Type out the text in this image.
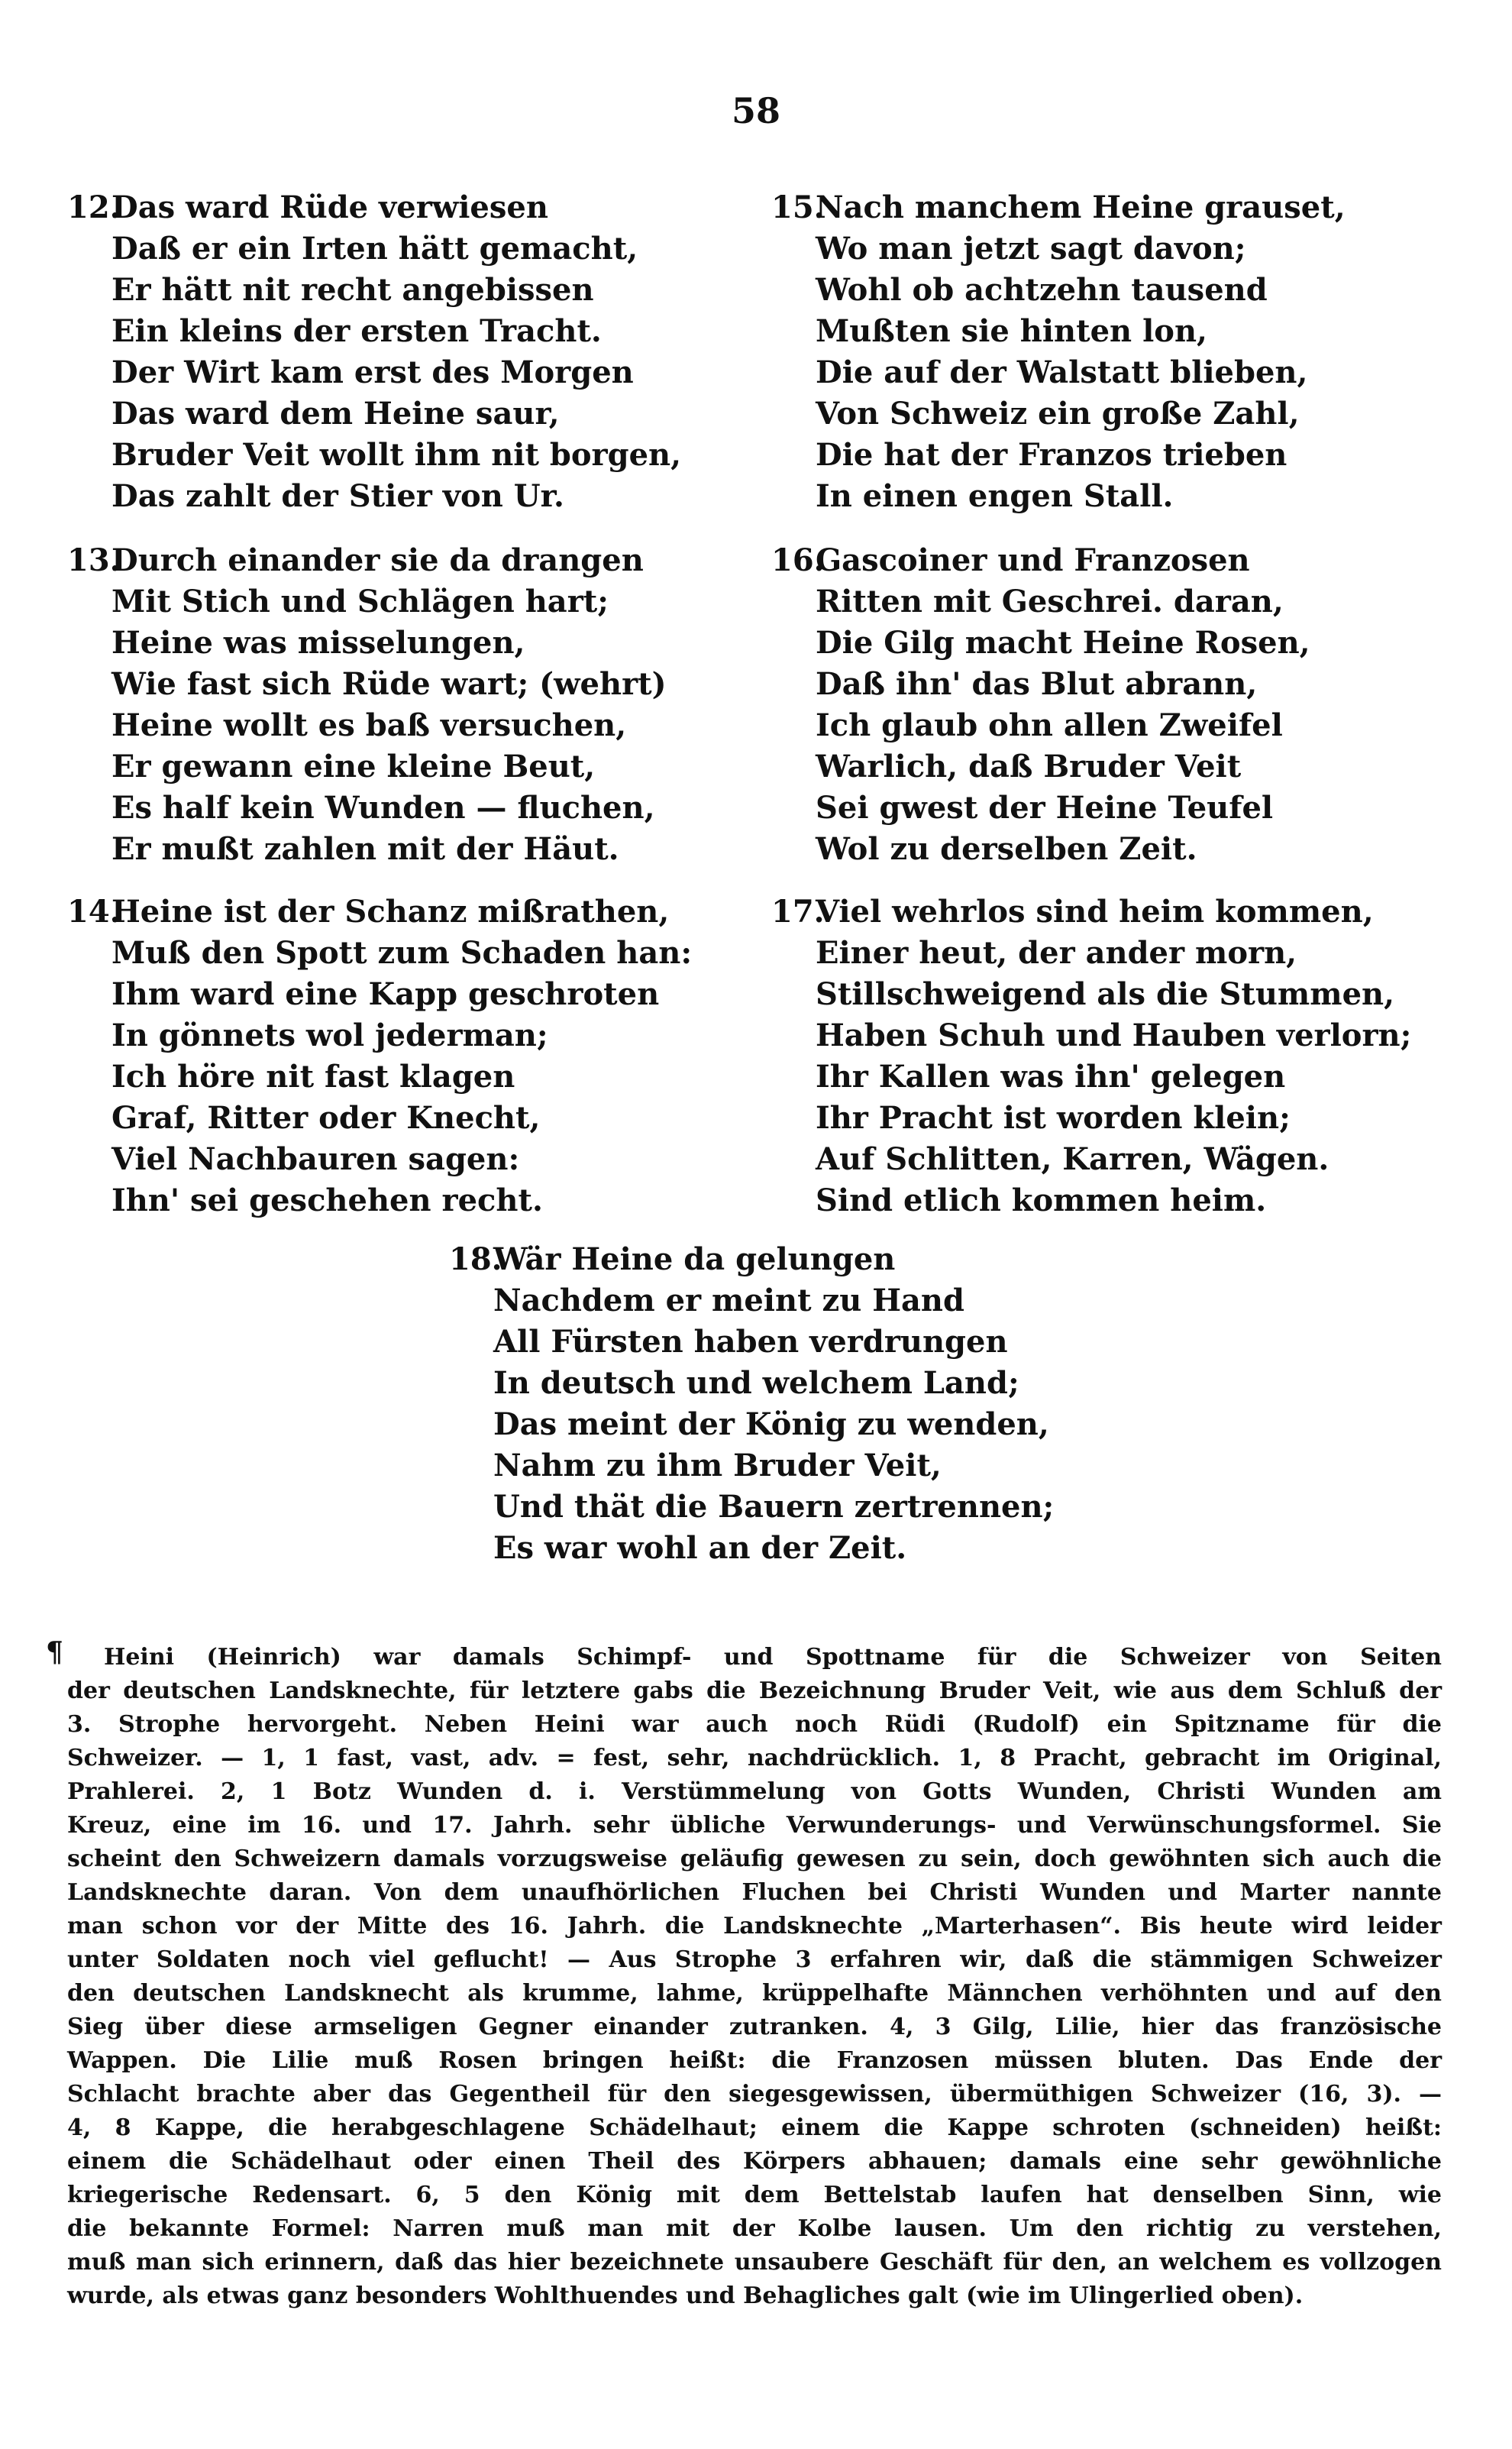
58
12.Das ward Rüde verwiesen
Daß er ein Irten hätt gemacht,
Er hätt nit recht angebissen
Ein kleins der ersten Tracht.
Der Wirt kam erst des Morgen
Das ward dem Heine saur,
Bruder Veit wollt ihm nit borgen,
Das zahlt der Stier von Ur.
13.Durch einander sie da drangen
Mit Stich und Schlägen hart;
Heine was misselungen,
Wie fast sich Rüde wart; (wehrt)
Heine wollt es baß versuchen,
Er gewann eine kleine Beut,
Es half kein Wunden — fluchen,
Er mußt zahlen mit der Häut.
14.Heine ist der Schanz mißrathen,
Muß den Spott zum Schaden han:
Ihm ward eine Kapp geschroten
In gönnets wol jederman;
Ich höre nit fast klagen
Graf, Ritter oder Knecht,
Viel Nachbauren sagen:
Ihn' sei geschehen recht.
15.Nach manchem Heine grauset,
Wo man jetzt sagt davon;
Wohl ob achtzehn tausend
Mußten sie hinten lon,
Die auf der Walstatt blieben,
Von Schweiz ein große Zahl,
Die hat der Franzos trieben
In einen engen Stall.
16.Gascoiner und Franzosen
Ritten mit Geschrei. daran,
Die Gilg macht Heine Rosen,
Daß ihn' das Blut abrann,
Ich glaub ohn allen Zweifel
Warlich, daß Bruder Veit
Sei gwest der Heine Teufel
Wol zu derselben Zeit.
17.Viel wehrlos sind heim kommen,
Einer heut, der ander morn,
Stillschweigend als die Stummen,
Haben Schuh und Hauben verlorn;
Ihr Kallen was ihn' gelegen
Ihr Pracht ist worden klein;
Auf Schlitten, Karren, Wägen.
Sind etlich kommen heim.
18.Wär Heine da gelungen
Nachdem er meint zu Hand
All Fürsten haben verdrungen
In deutsch und welchem Land;
Das meint der König zu wenden,
Nahm zu ihm Bruder Veit,
Und thät die Bauern zertrennen;
Es war wohl an der Zeit.
¶	Heini (Heinrich) war damals Schimpf- und Spottname für die Schweizer von Seiten
der deutschen Landsknechte, für letztere gabs die Bezeichnung Bruder Veit, wie aus dem Schluß der
3. Strophe hervorgeht. Neben Heini war auch noch Rüdi (Rudolf) ein Spitzname für die
Schweizer. — 1, 1 fast, vast, adv. = fest, sehr, nachdrücklich. 1, 8 Pracht, gebracht im Original,
Prahlerei. 2, 1 Botz Wunden d. i. Verstümmelung von Gotts Wunden, Christi Wunden am
Kreuz, eine im 16. und 17. Jahrh. sehr übliche Verwunderungs- und Verwünschungsformel. Sie
scheint den Schweizern damals vorzugsweise geläufig gewesen zu sein, doch gewöhnten sich auch die
Landsknechte daran. Von dem unaufhörlichen Fluchen bei Christi Wunden und Marter nannte
man schon vor der Mitte des 16. Jahrh. die Landsknechte „Marterhasen“. Bis heute wird leider
unter Soldaten noch viel geflucht! — Aus Strophe 3 erfahren wir, daß die stämmigen Schweizer
den deutschen Landsknecht als krumme, lahme, krüppelhafte Männchen verhöhnten und auf den
Sieg über diese armseligen Gegner einander zutranken. 4, 3 Gilg, Lilie, hier das französische
Wappen. Die Lilie muß Rosen bringen heißt: die Franzosen müssen bluten. Das Ende der
Schlacht brachte aber das Gegentheil für den siegesgewissen, übermüthigen Schweizer (16, 3). —
4, 8 Kappe, die herabgeschlagene Schädelhaut; einem die Kappe schroten (schneiden) heißt:
einem die Schädelhaut oder einen Theil des Körpers abhauen; damals eine sehr gewöhnliche
kriegerische Redensart. 6, 5 den König mit dem Bettelstab laufen hat denselben Sinn, wie
die bekannte Formel: Narren muß man mit der Kolbe lausen. Um den richtig zu verstehen,
muß man sich erinnern, daß das hier bezeichnete unsaubere Geschäft für den, an welchem es vollzogen
wurde, als etwas ganz besonders Wohlthuendes und Behagliches galt (wie im Ulingerlied oben).
